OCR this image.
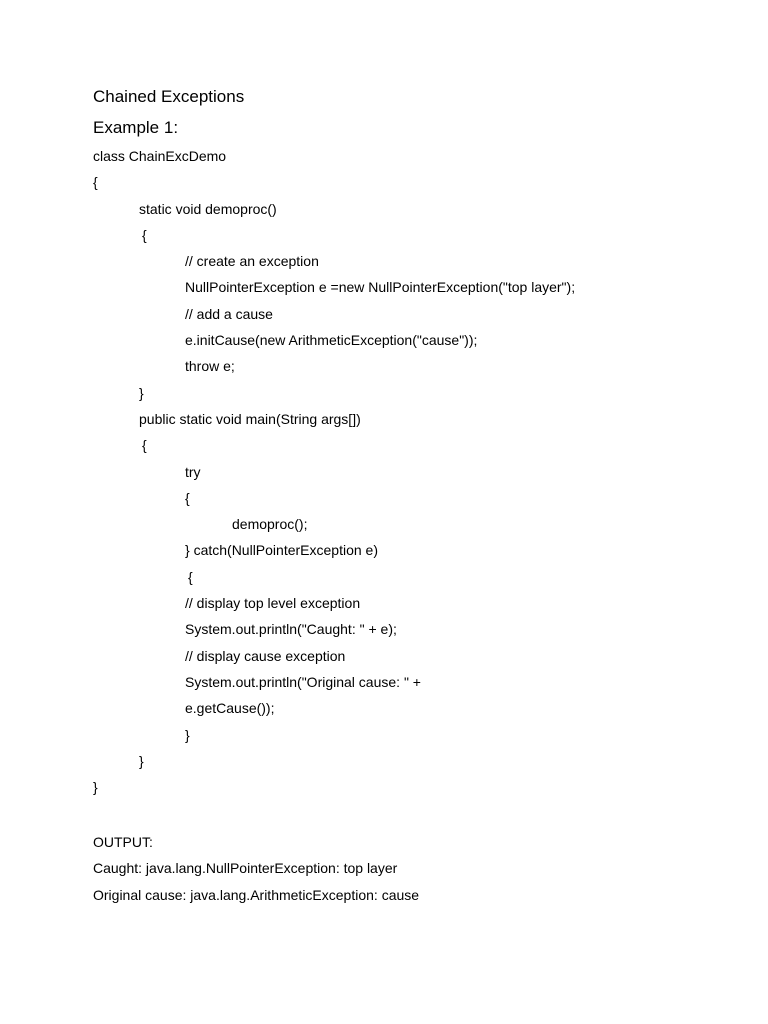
Chained Exceptions
Example 1:
class ChainExcDemo
{
static void demoproc()
{
// create an exception
NullPointerException e =new NullPointerException("top layer");
// add a cause
e.initCause(new ArithmeticException("cause"));
throw e;
}
public static void main(String args[])
{
try
{
demoproc();
} catch(NullPointerException e)
{
// display top level exception
System.out.println("Caught: " + e);
// display cause exception
System.out.println("Original cause: " +
e.getCause());
}
}
}
OUTPUT:
Caught: java.lang.NullPointerException: top layer
Original cause: java.lang.ArithmeticException: cause
